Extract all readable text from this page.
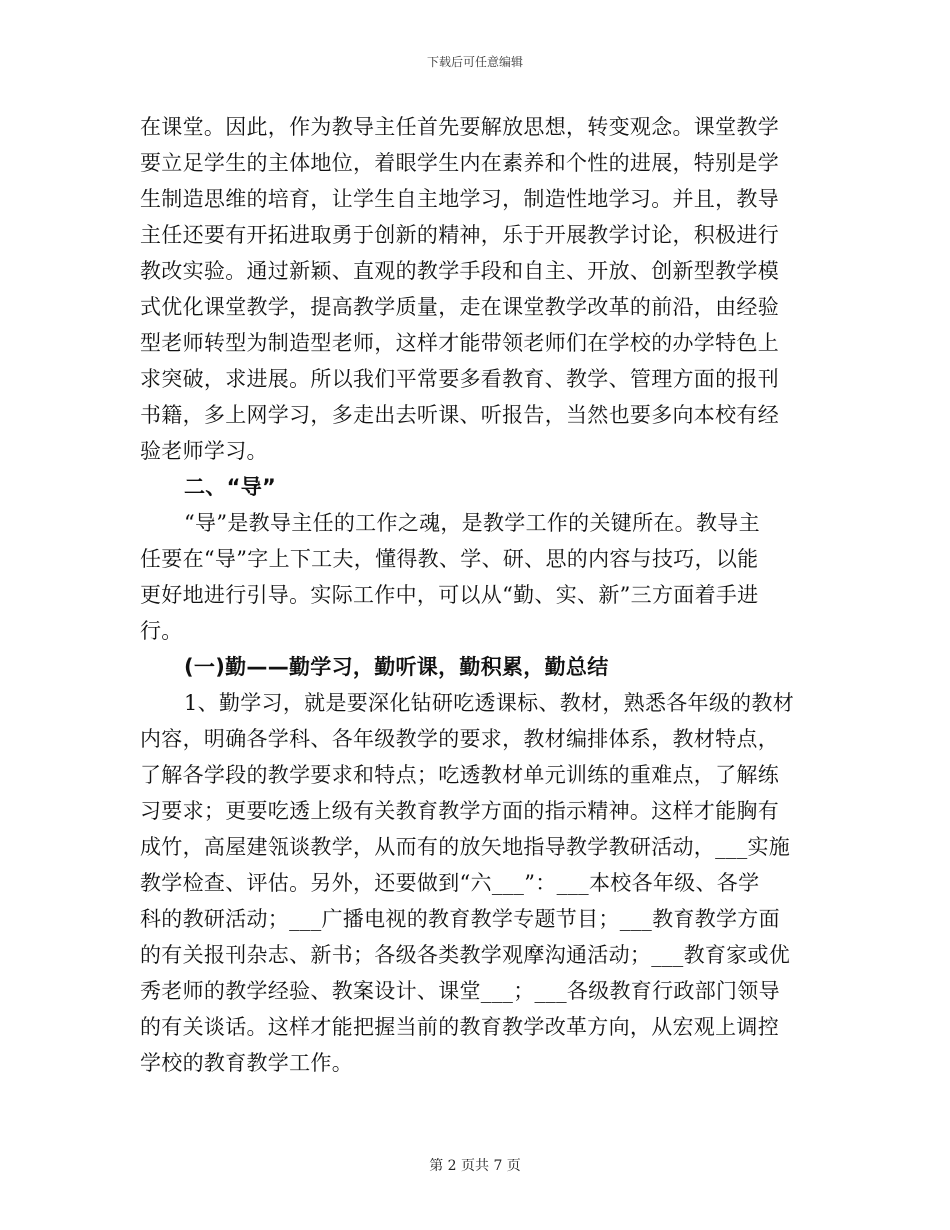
下载后可任意编辑
在课堂。因此，作为教导主任首先要解放思想，转变观念。课堂教学
要立足学生的主体地位，着眼学生内在素养和个性的进展，特别是学
生制造思维的培育，让学生自主地学习，制造性地学习。并且，教导
主任还要有开拓进取勇于创新的精神，乐于开展教学讨论，积极进行
教改实验。通过新颖、直观的教学手段和自主、开放、创新型教学模
式优化课堂教学，提高教学质量，走在课堂教学改革的前沿，由经验
型老师转型为制造型老师，这样才能带领老师们在学校的办学特色上
求突破，求进展。所以我们平常要多看教育、教学、管理方面的报刊
书籍，多上网学习，多走出去听课、听报告，当然也要多向本校有经
验老师学习。
二、“导”
“导”是教导主任的工作之魂，是教学工作的关键所在。教导主
任要在“导”字上下工夫，懂得教、学、研、思的内容与技巧，以能
更好地进行引导。实际工作中，可以从“勤、实、新”三方面着手进
行。
(一)勤——勤学习，勤听课，勤积累，勤总结
1、勤学习，就是要深化钻研吃透课标、教材，熟悉各年级的教材
内容，明确各学科、各年级教学的要求，教材编排体系，教材特点，
了解各学段的教学要求和特点；吃透教材单元训练的重难点，了解练
习要求；更要吃透上级有关教育教学方面的指示精神。这样才能胸有
成竹，高屋建瓴谈教学，从而有的放矢地指导教学教研活动，___实施
教学检查、评估。另外，还要做到“六___”：___本校各年级、各学
科的教研活动；___广播电视的教育教学专题节目；___教育教学方面
的有关报刊杂志、新书；各级各类教学观摩沟通活动；___教育家或优
秀老师的教学经验、教案设计、课堂___；___各级教育行政部门领导
的有关谈话。这样才能把握当前的教育教学改革方向，从宏观上调控
学校的教育教学工作。
第 2 页共 7 页
